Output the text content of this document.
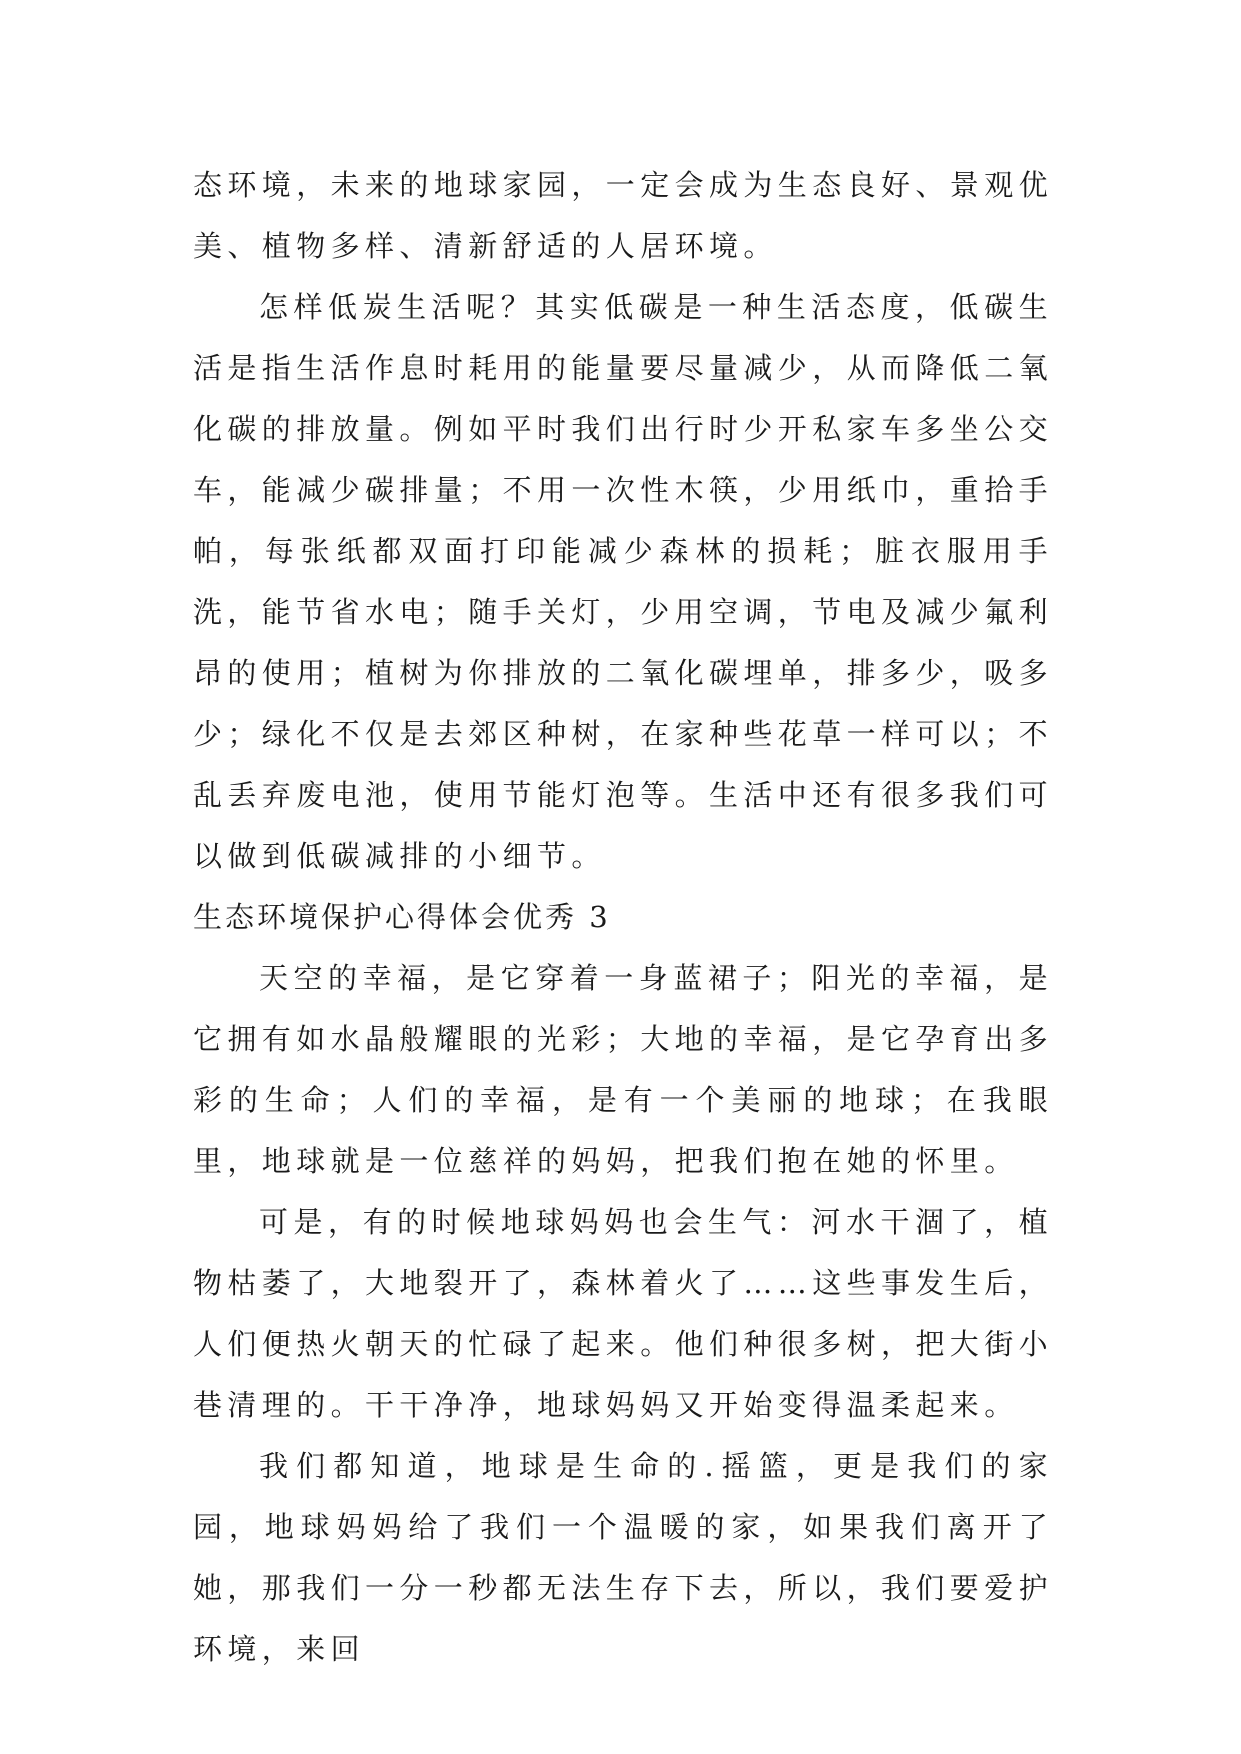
态环境，未来的地球家园，一定会成为生态良好、景观优美、植物多样、清新舒适的人居环境。

怎样低炭生活呢？其实低碳是一种生活态度，低碳生活是指生活作息时耗用的能量要尽量减少，从而降低二氧化碳的排放量。例如平时我们出行时少开私家车多坐公交车，能减少碳排量；不用一次性木筷，少用纸巾，重拾手帕，每张纸都双面打印能减少森林的损耗；脏衣服用手洗，能节省水电；随手关灯，少用空调，节电及减少氟利昂的使用；植树为你排放的二氧化碳埋单，排多少，吸多少；绿化不仅是去郊区种树，在家种些花草一样可以；不乱丢弃废电池，使用节能灯泡等。生活中还有很多我们可以做到低碳减排的小细节。

生态环境保护心得体会优秀 3

天空的幸福，是它穿着一身蓝裙子；阳光的幸福，是它拥有如水晶般耀眼的光彩；大地的幸福，是它孕育出多彩的生命；人们的幸福，是有一个美丽的地球；在我眼里，地球就是一位慈祥的妈妈，把我们抱在她的怀里。

可是，有的时候地球妈妈也会生气：河水干涸了，植物枯萎了，大地裂开了，森林着火了……这些事发生后，人们便热火朝天的忙碌了起来。他们种很多树，把大街小巷清理的。干干净净，地球妈妈又开始变得温柔起来。

我们都知道，地球是生命的.摇篮，更是我们的家园，地球妈妈给了我们一个温暖的家，如果我们离开了她，那我们一分一秒都无法生存下去，所以，我们要爱护环境，来回
